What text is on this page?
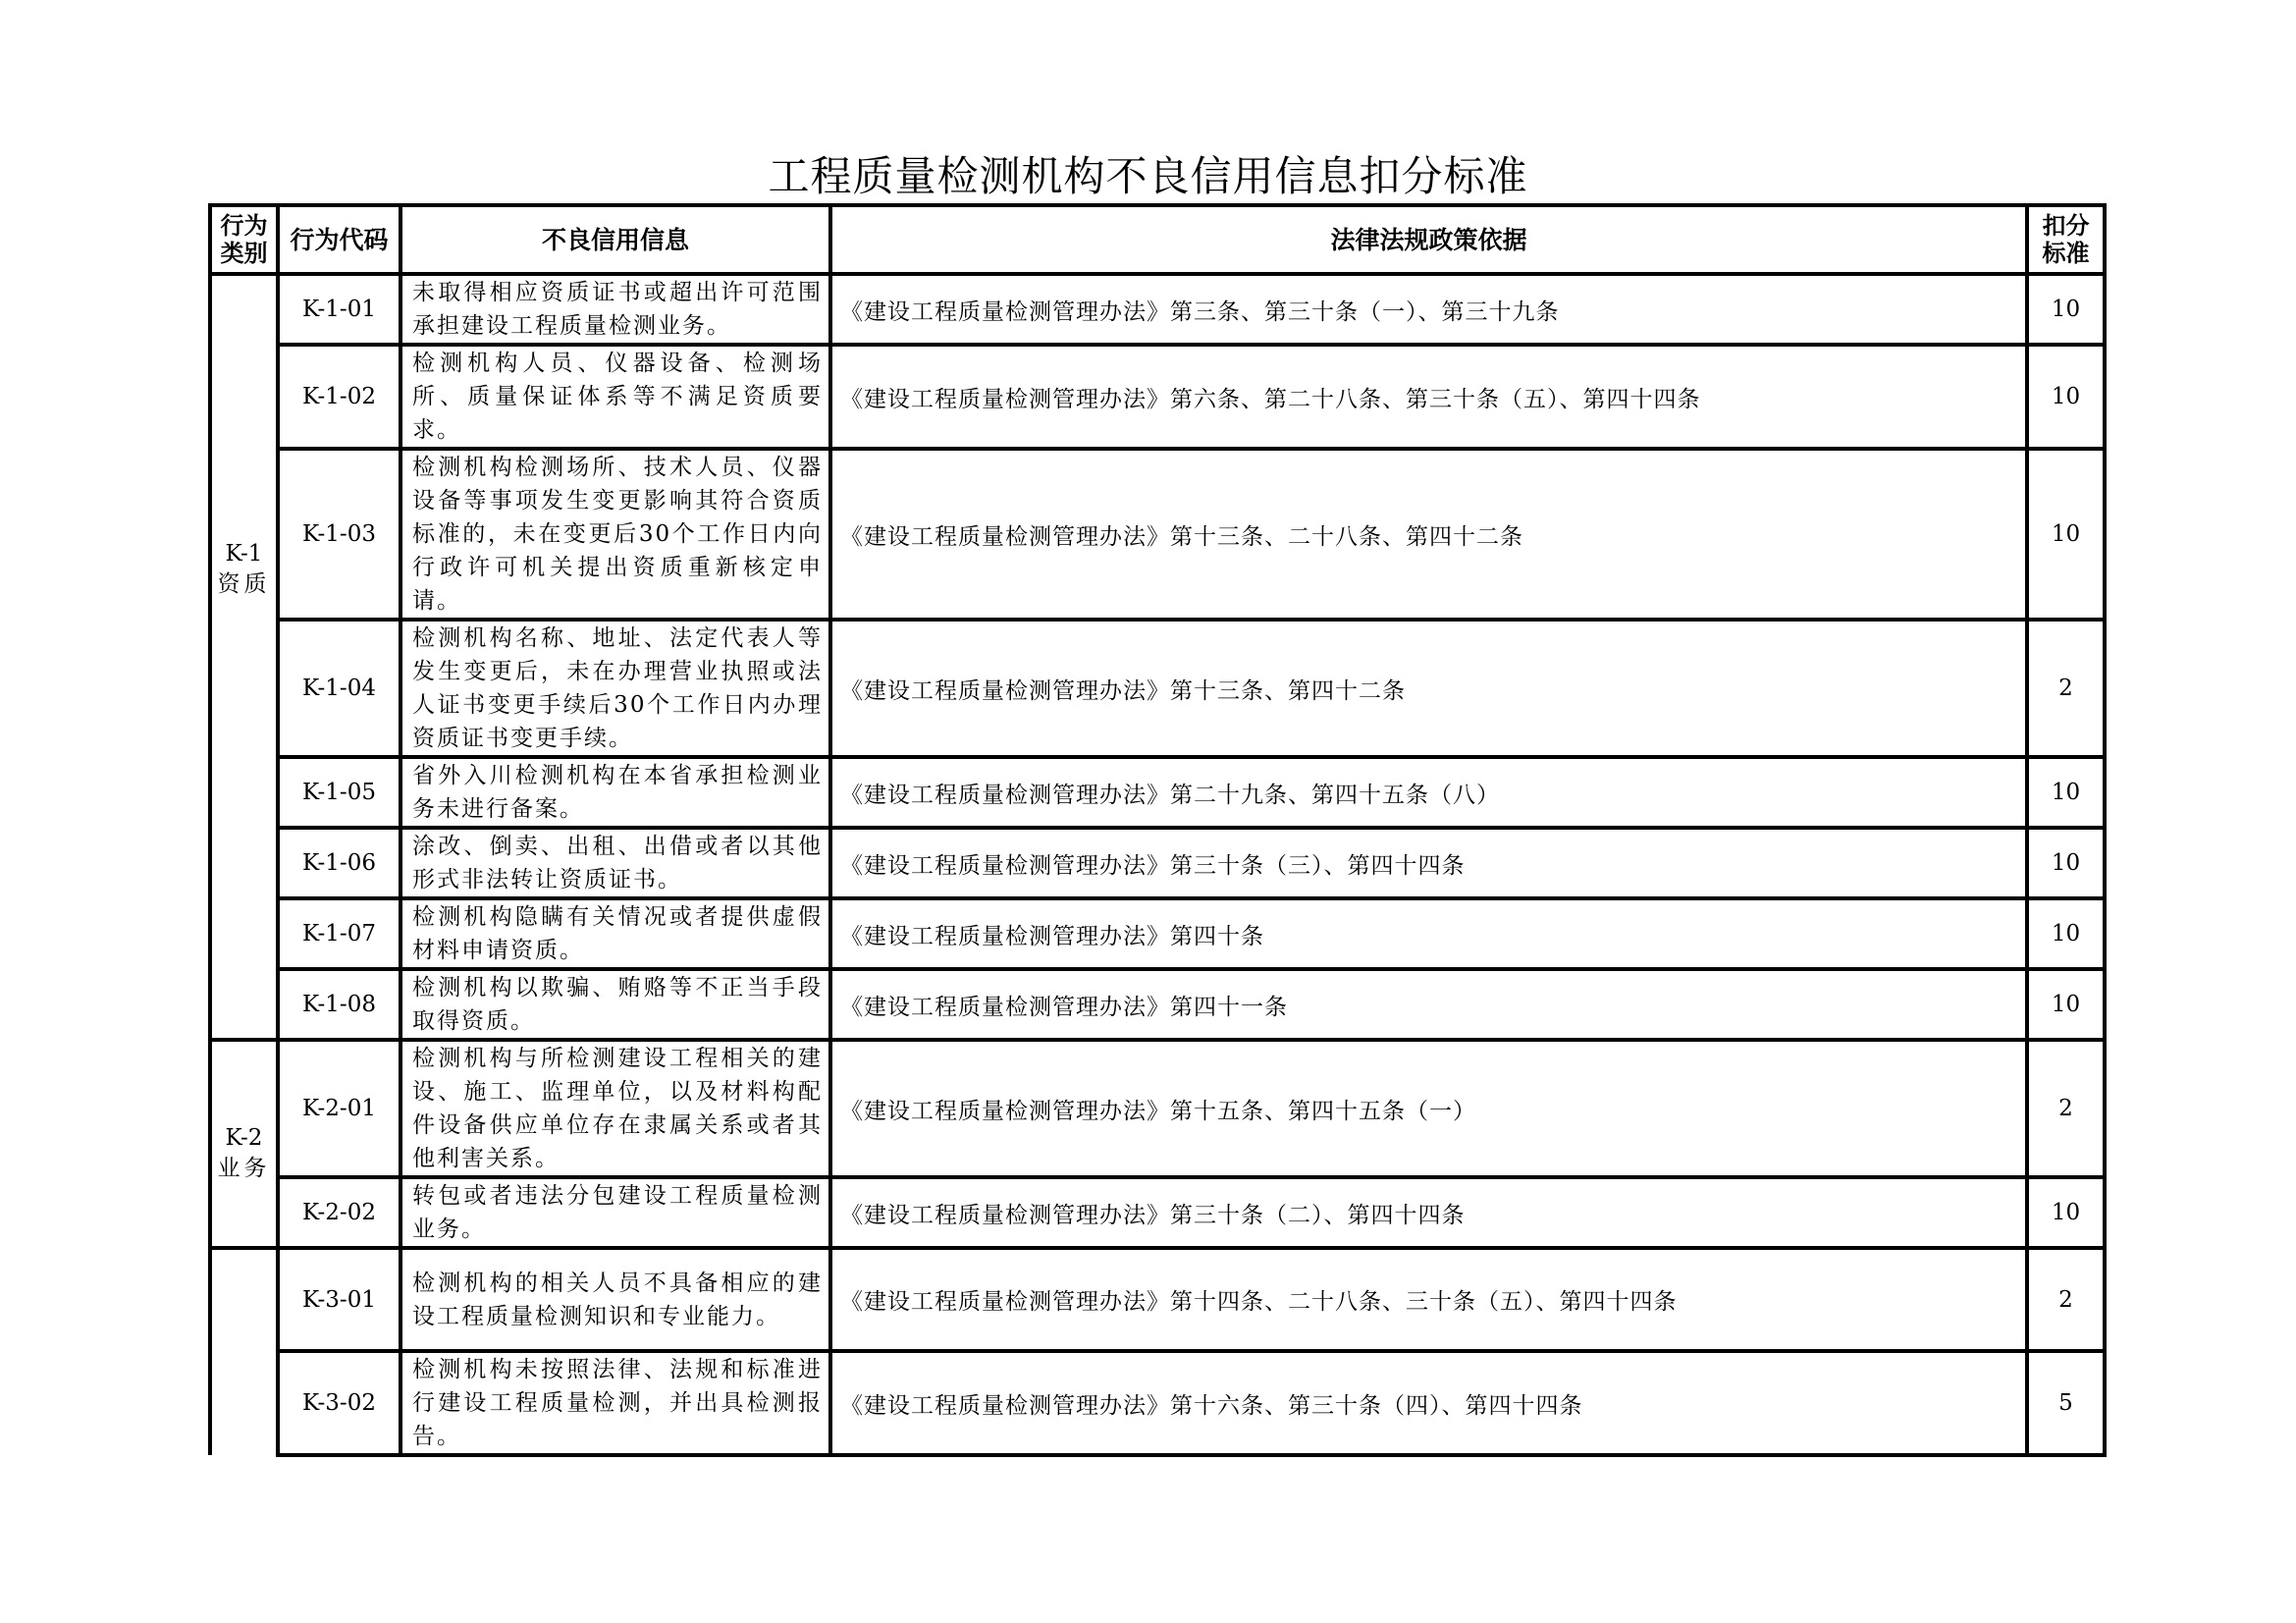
工程质量检测机构不良信用信息扣分标准
行为类别	行为代码	不良信用信息	法律法规政策依据	扣分标准

K-1
资质	K-1-01	未取得相应资质证书或超出许可范围承担建设工程质量检测业务。	《建设工程质量检测管理办法》第三条、第三十条（一）、第三十九条	10
	K-1-02	检测机构人员、仪器设备、检测场所、质量保证体系等不满足资质要求。	《建设工程质量检测管理办法》第六条、第二十八条、第三十条（五）、第四十四条	10
	K-1-03	检测机构检测场所、技术人员、仪器设备等事项发生变更影响其符合资质标准的，未在变更后30个工作日内向行政许可机关提出资质重新核定申请。	《建设工程质量检测管理办法》第十三条、二十八条、第四十二条	10
	K-1-04	检测机构名称、地址、法定代表人等发生变更后，未在办理营业执照或法人证书变更手续后30个工作日内办理资质证书变更手续。	《建设工程质量检测管理办法》第十三条、第四十二条	2
	K-1-05	省外入川检测机构在本省承担检测业务未进行备案。	《建设工程质量检测管理办法》第二十九条、第四十五条（八）	10
	K-1-06	涂改、倒卖、出租、出借或者以其他形式非法转让资质证书。	《建设工程质量检测管理办法》第三十条（三）、第四十四条	10
	K-1-07	检测机构隐瞒有关情况或者提供虚假材料申请资质。	《建设工程质量检测管理办法》第四十条	10
	K-1-08	检测机构以欺骗、贿赂等不正当手段取得资质。	《建设工程质量检测管理办法》第四十一条	10

K-2
业务	K-2-01	检测机构与所检测建设工程相关的建设、施工、监理单位，以及材料构配件设备供应单位存在隶属关系或者其他利害关系。	《建设工程质量检测管理办法》第十五条、第四十五条（一）	2
	K-2-02	转包或者违法分包建设工程质量检测业务。	《建设工程质量检测管理办法》第三十条（二）、第四十四条	10

	K-3-01	检测机构的相关人员不具备相应的建设工程质量检测知识和专业能力。	《建设工程质量检测管理办法》第十四条、二十八条、三十条（五）、第四十四条	2
	K-3-02	检测机构未按照法律、法规和标准进行建设工程质量检测，并出具检测报告。	《建设工程质量检测管理办法》第十六条、第三十条（四）、第四十四条	5
